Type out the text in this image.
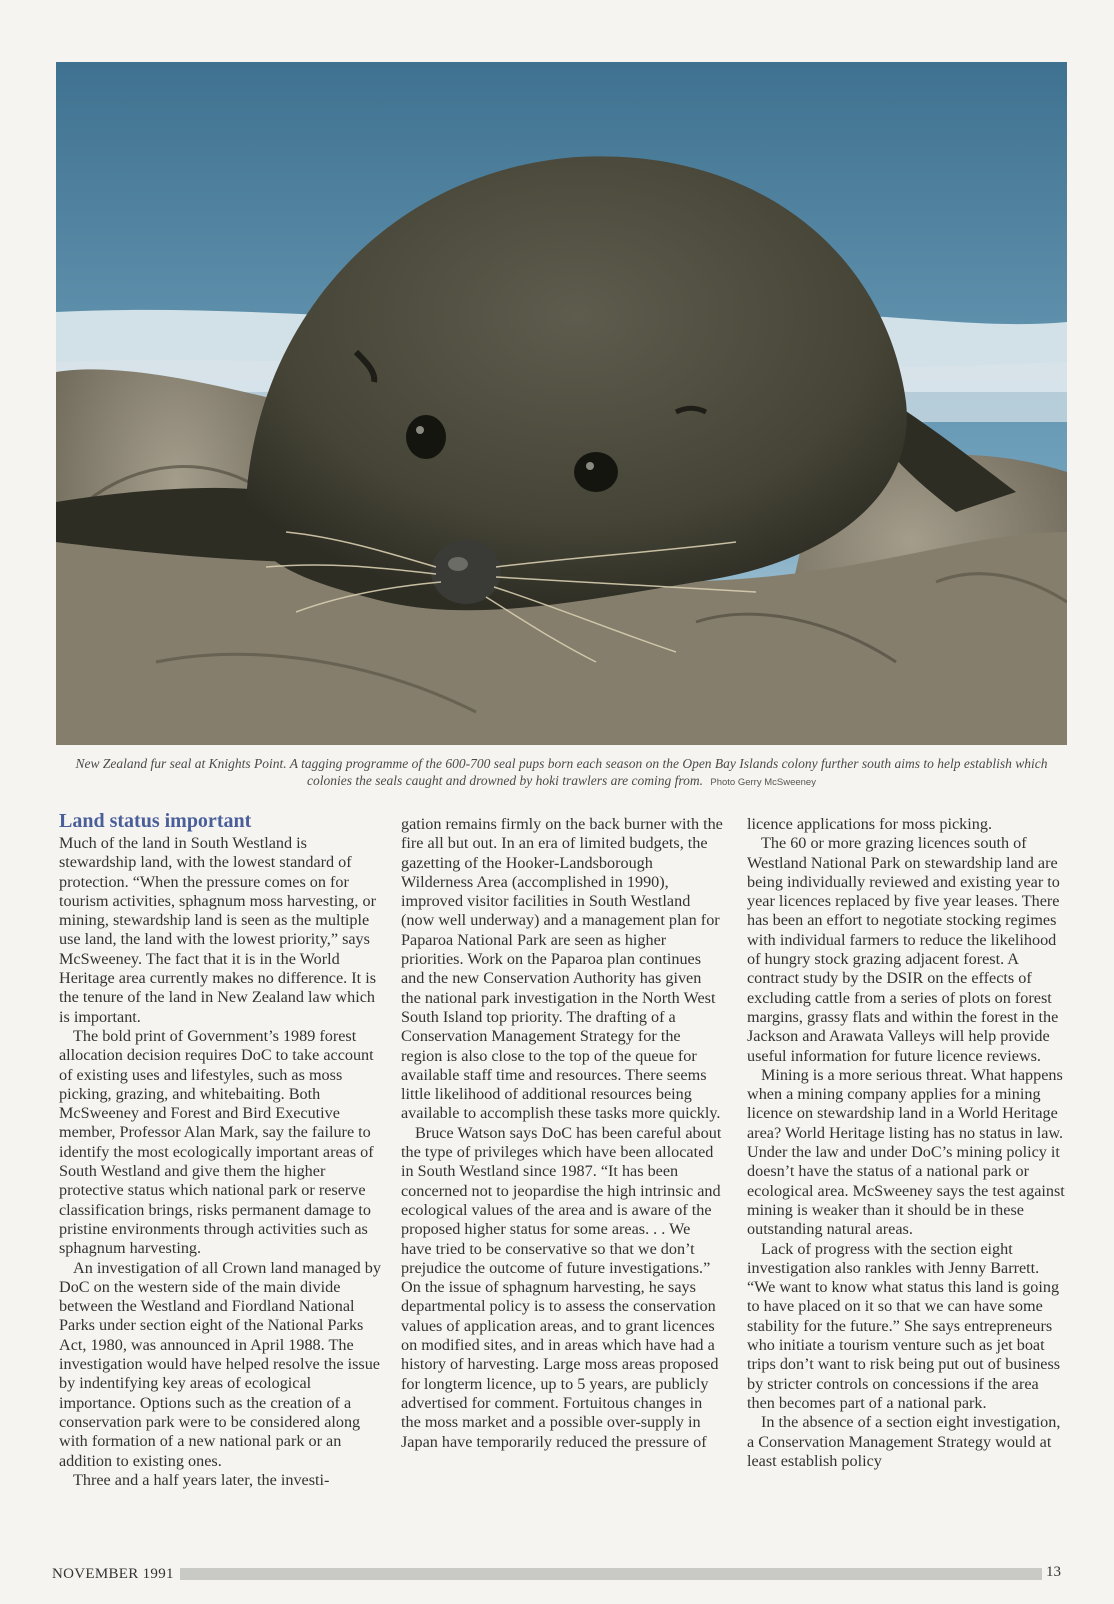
New Zealand fur seal at Knights Point. A tagging programme of the 600-700 seal pups born each season on the Open Bay Islands colony further south aims to help establish which colonies the seals caught and drowned by hoki trawlers are coming from. Photo Gerry McSweeney
Land status important

Much of the land in South Westland is stewardship land, with the lowest standard of protection. “When the pressure comes on for tourism activities, sphagnum moss harvesting, or mining, stewardship land is seen as the multiple use land, the land with the lowest priority,” says McSweeney. The fact that it is in the World Heritage area currently makes no difference. It is the tenure of the land in New Zealand law which is important.

The bold print of Government’s 1989 forest allocation decision requires DoC to take account of existing uses and lifestyles, such as moss picking, grazing, and whitebaiting. Both McSweeney and Forest and Bird Executive member, Professor Alan Mark, say the failure to identify the most ecologically important areas of South Westland and give them the higher protective status which national park or reserve classification brings, risks permanent damage to pristine environments through activities such as sphagnum harvesting.

An investigation of all Crown land managed by DoC on the western side of the main divide between the Westland and Fiordland National Parks under section eight of the National Parks Act, 1980, was announced in April 1988. The investigation would have helped resolve the issue by indentifying key areas of ecological importance. Options such as the creation of a conservation park were to be considered along with formation of a new national park or an addition to existing ones.

Three and a half years later, the investi-

gation remains firmly on the back burner with the fire all but out. In an era of limited budgets, the gazetting of the Hooker-Landsborough Wilderness Area (accomplished in 1990), improved visitor facilities in South Westland (now well underway) and a management plan for Paparoa National Park are seen as higher priorities. Work on the Paparoa plan continues and the new Conservation Authority has given the national park investigation in the North West South Island top priority. The drafting of a Conservation Management Strategy for the region is also close to the top of the queue for available staff time and resources. There seems little likelihood of additional resources being available to accomplish these tasks more quickly.

Bruce Watson says DoC has been careful about the type of privileges which have been allocated in South Westland since 1987. “It has been concerned not to jeopardise the high intrinsic and ecological values of the area and is aware of the proposed higher status for some areas. . . We have tried to be conservative so that we don’t prejudice the outcome of future investigations.” On the issue of sphagnum harvesting, he says departmental policy is to assess the conservation values of application areas, and to grant licences on modified sites, and in areas which have had a history of harvesting. Large moss areas proposed for longterm licence, up to 5 years, are publicly advertised for comment. Fortuitous changes in the moss market and a possible over-supply in Japan have temporarily reduced the pressure of

licence applications for moss picking.

The 60 or more grazing licences south of Westland National Park on stewardship land are being individually reviewed and existing year to year licences replaced by five year leases. There has been an effort to negotiate stocking regimes with individual farmers to reduce the likelihood of hungry stock grazing adjacent forest. A contract study by the DSIR on the effects of excluding cattle from a series of plots on forest margins, grassy flats and within the forest in the Jackson and Arawata Valleys will help provide useful information for future licence reviews.

Mining is a more serious threat. What happens when a mining company applies for a mining licence on stewardship land in a World Heritage area? World Heritage listing has no status in law. Under the law and under DoC’s mining policy it doesn’t have the status of a national park or ecological area. McSweeney says the test against mining is weaker than it should be in these outstanding natural areas.

Lack of progress with the section eight investigation also rankles with Jenny Barrett. “We want to know what status this land is going to have placed on it so that we can have some stability for the future.” She says entrepreneurs who initiate a tourism venture such as jet boat trips don’t want to risk being put out of business by stricter controls on concessions if the area then becomes part of a national park.

In the absence of a section eight investigation, a Conservation Management Strategy would at least establish policy

NOVEMBER 1991	13
